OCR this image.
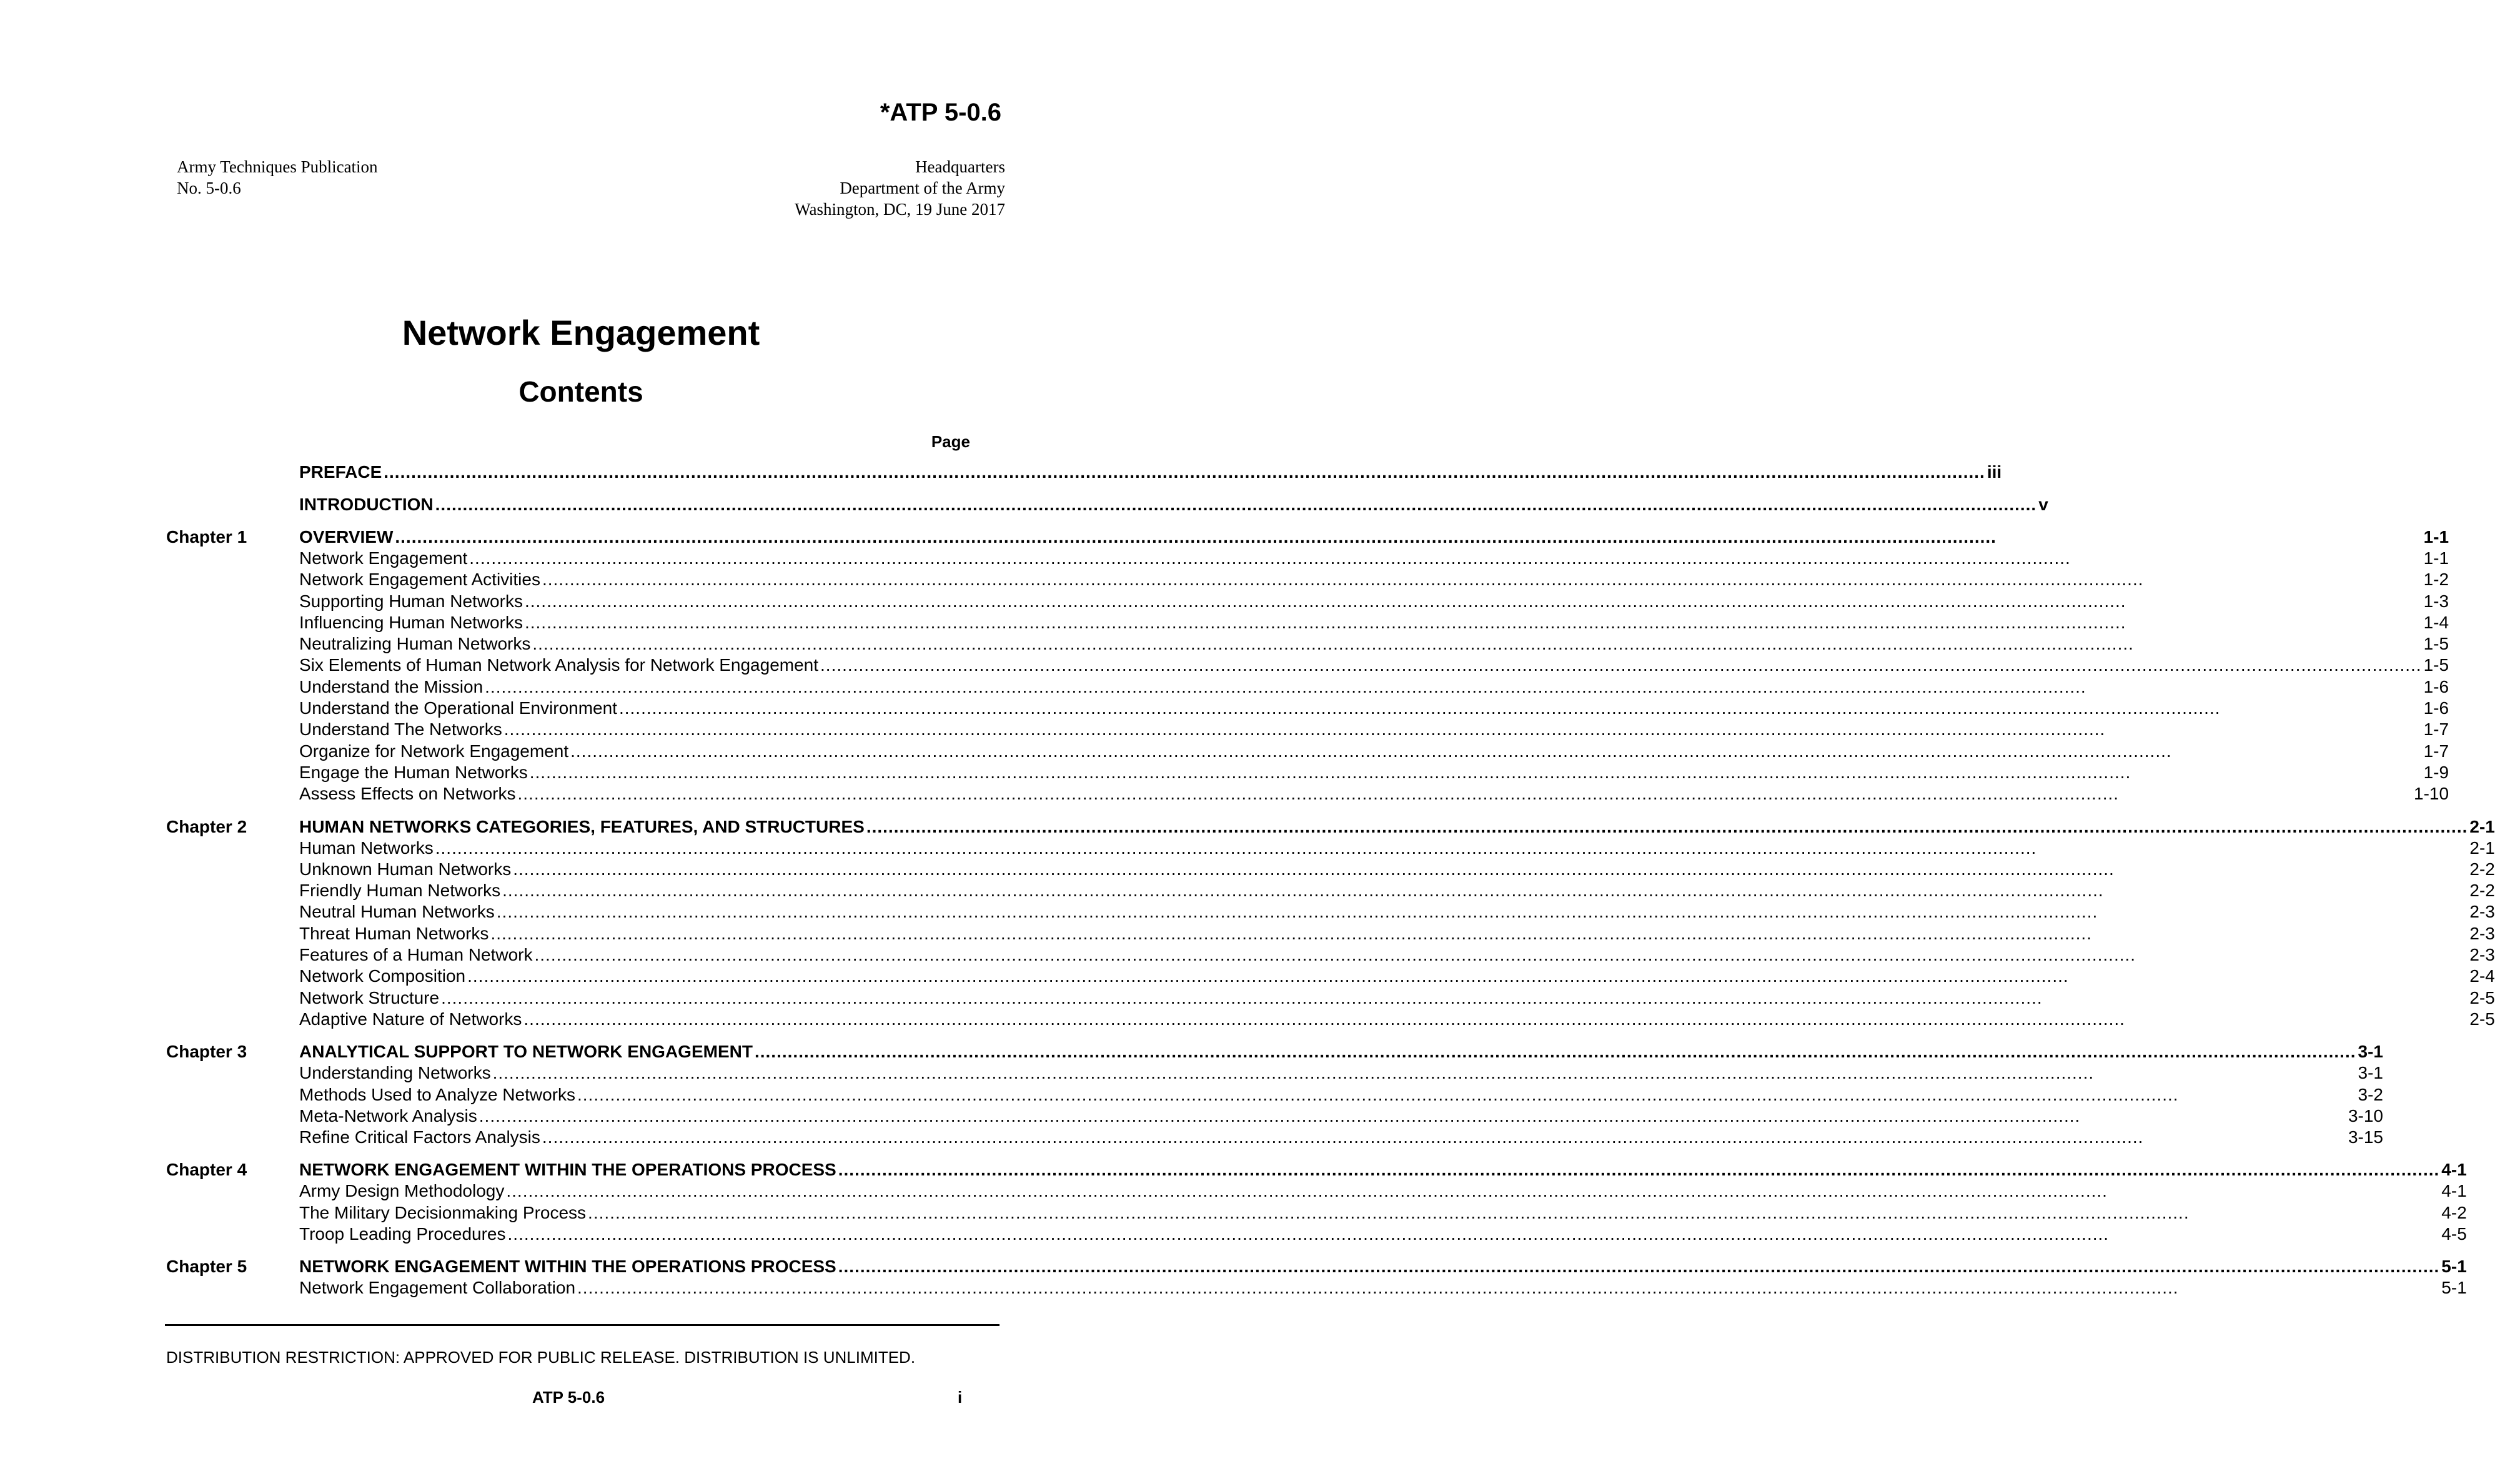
*ATP 5-0.6
Army Techniques Publication
No. 5-0.6
Headquarters
Department of the Army
Washington, DC, 19 June 2017
Network Engagement
Contents
Page
PREFACE .....	iii
INTRODUCTION .....	v
Chapter 1	OVERVIEW .....	1-1
Network Engagement .....	1-1
Network Engagement Activities .....	1-2
Supporting Human Networks .....	1-3
Influencing Human Networks .....	1-4
Neutralizing Human Networks .....	1-5
Six Elements of Human Network Analysis for Network Engagement .....	1-5
Understand the Mission .....	1-6
Understand the Operational Environment .....	1-6
Understand The Networks .....	1-7
Organize for Network Engagement .....	1-7
Engage the Human Networks .....	1-9
Assess Effects on Networks .....	1-10
Chapter 2	HUMAN NETWORKS CATEGORIES, FEATURES, AND STRUCTURES .....	2-1
Human Networks .....	2-1
Unknown Human Networks .....	2-2
Friendly Human Networks .....	2-2
Neutral Human Networks .....	2-3
Threat Human Networks .....	2-3
Features of a Human Network .....	2-3
Network Composition .....	2-4
Network Structure .....	2-5
Adaptive Nature of Networks .....	2-5
Chapter 3	ANALYTICAL SUPPORT TO NETWORK ENGAGEMENT .....	3-1
Understanding Networks .....	3-1
Methods Used to Analyze Networks .....	3-2
Meta-Network Analysis .....	3-10
Refine Critical Factors Analysis .....	3-15
Chapter 4	NETWORK ENGAGEMENT WITHIN THE OPERATIONS PROCESS .....	4-1
Army Design Methodology .....	4-1
The Military Decisionmaking Process .....	4-2
Troop Leading Procedures .....	4-5
Chapter 5	NETWORK ENGAGEMENT WITHIN THE OPERATIONS PROCESS .....	5-1
Network Engagement Collaboration .....	5-1
DISTRIBUTION RESTRICTION: APPROVED FOR PUBLIC RELEASE. DISTRIBUTION IS UNLIMITED.
ATP 5-0.6	i
